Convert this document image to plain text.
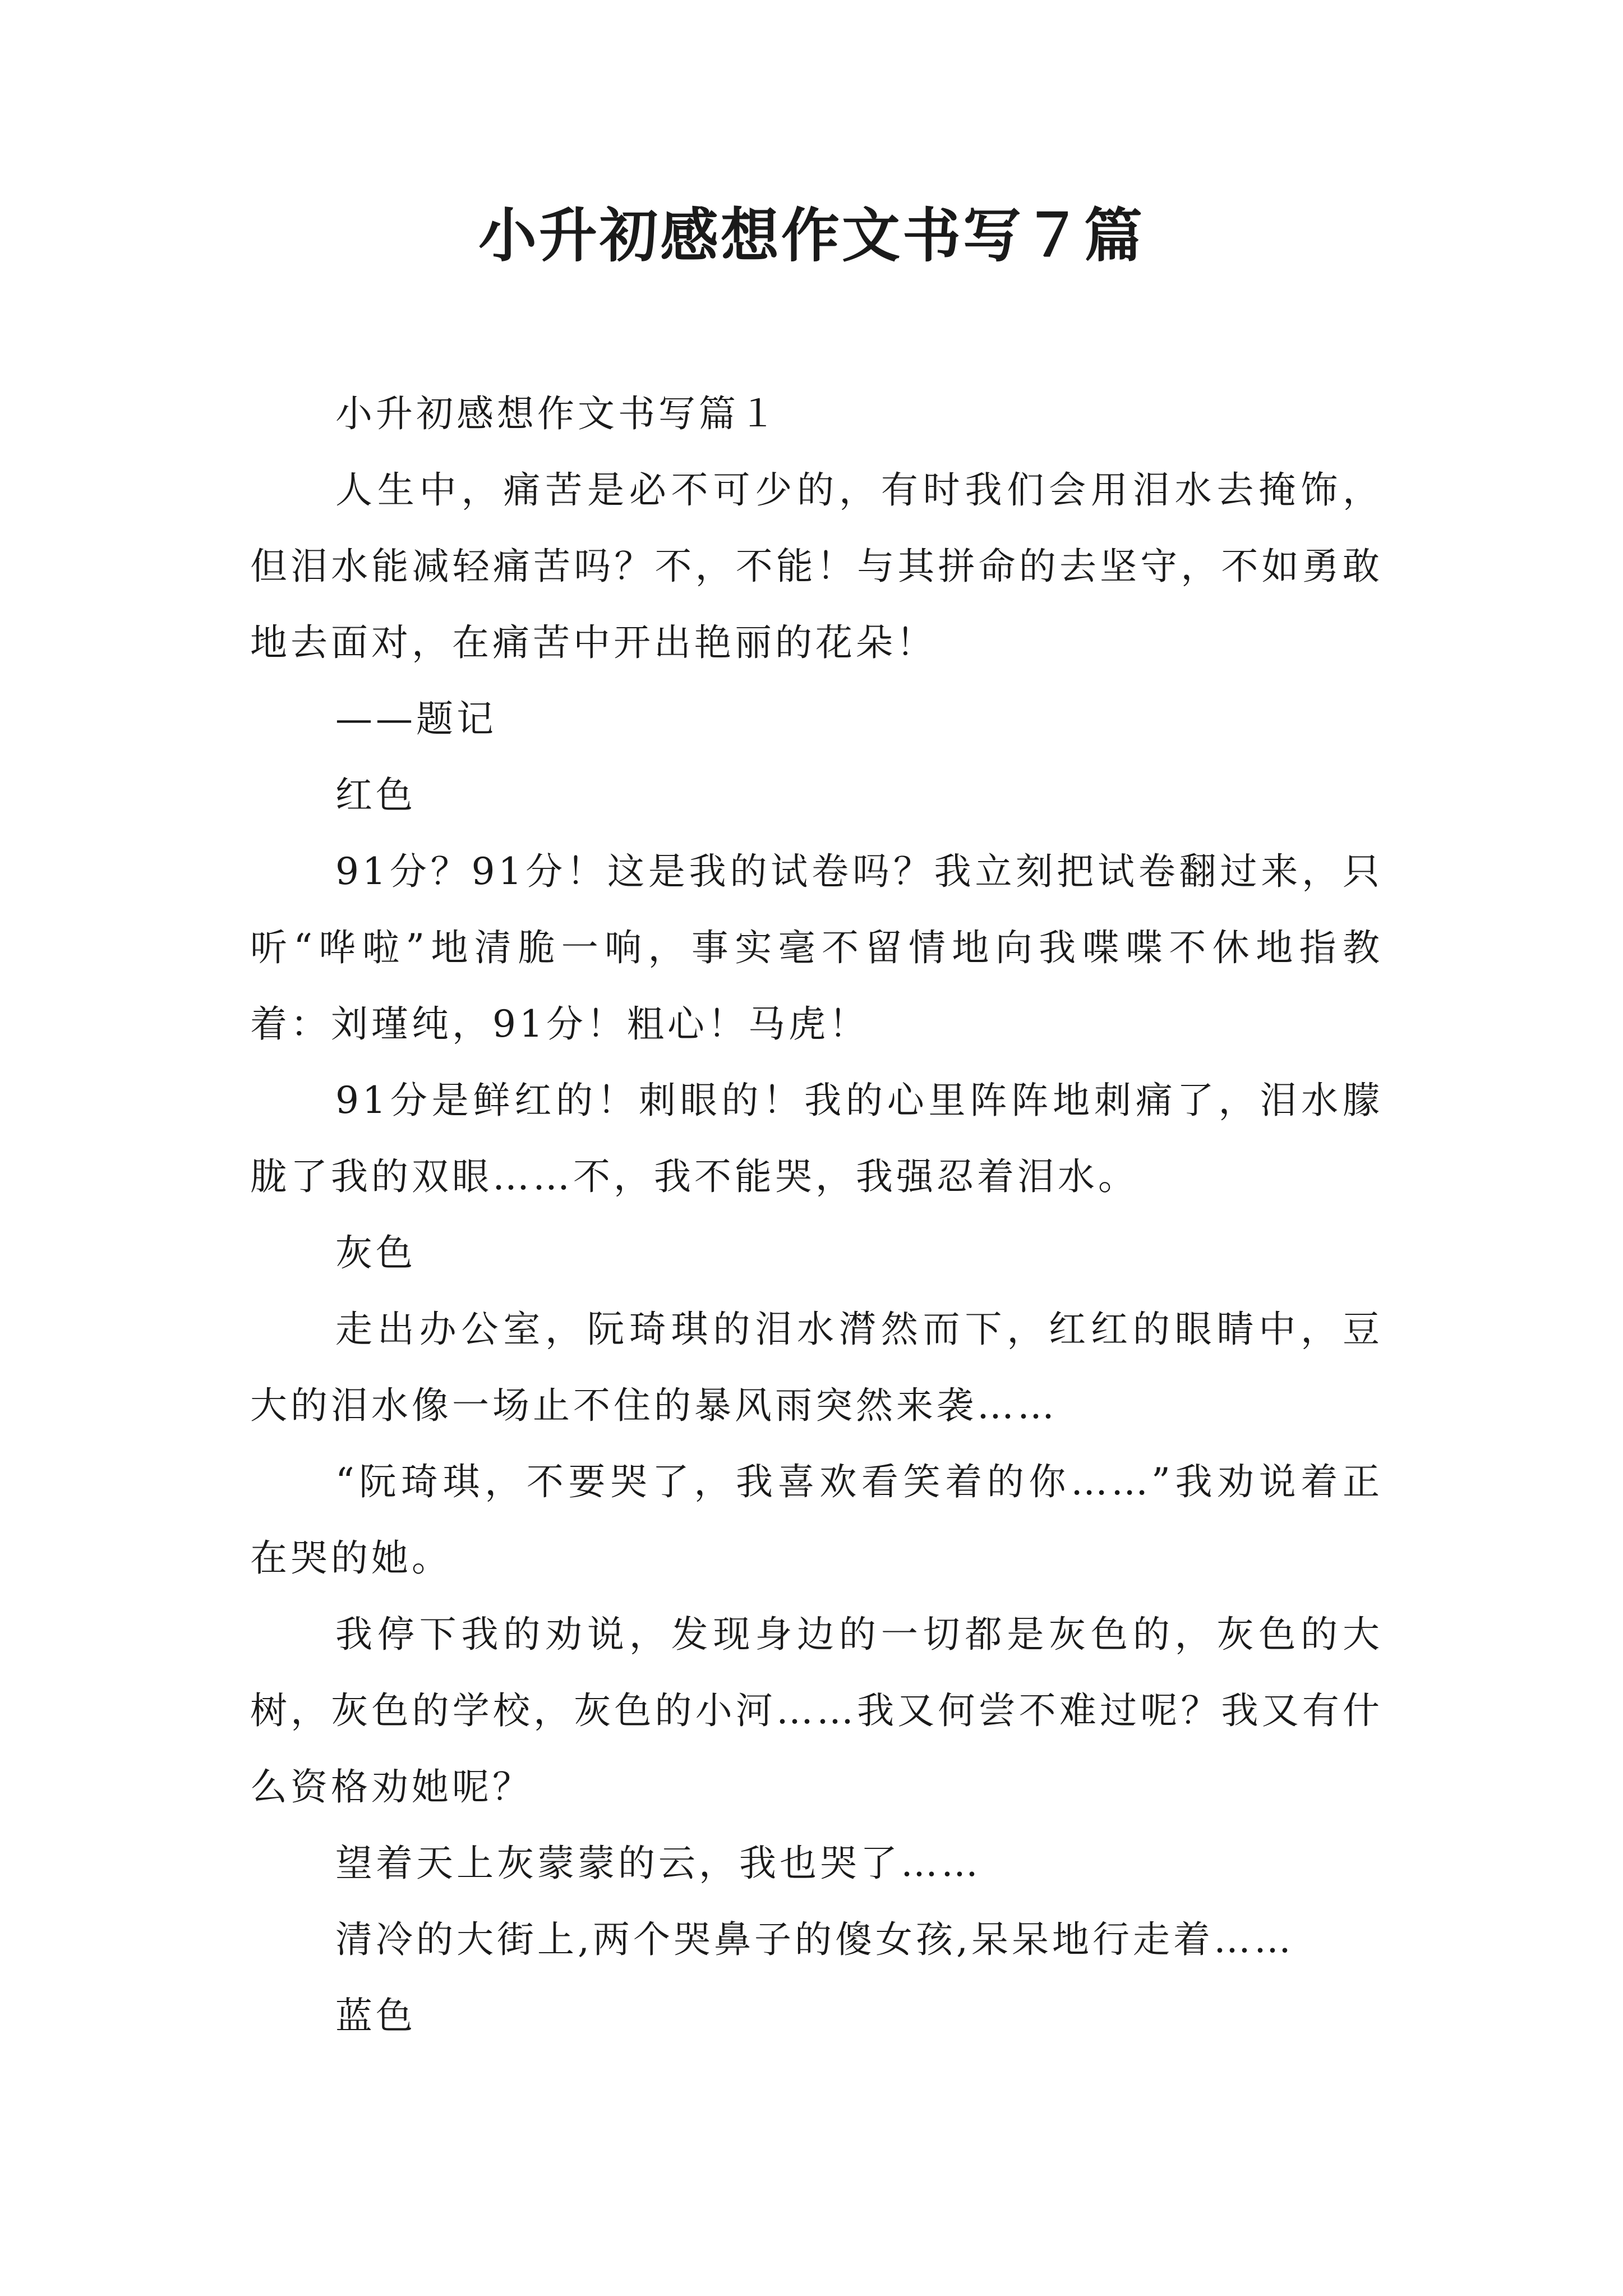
小升初感想作文书写７篇

小升初感想作文书写篇１

人生中，痛苦是必不可少的，有时我们会用泪水去掩饰，但泪水能减轻痛苦吗？不，不能！与其拼命的去坚守，不如勇敢地去面对，在痛苦中开出艳丽的花朵！

——题记

红色

91分？91分！这是我的试卷吗？我立刻把试卷翻过来，只听“哗啦”地清脆一响，事实毫不留情地向我喋喋不休地指教着：刘瑾纯，91分！粗心！马虎！

91分是鲜红的！刺眼的！我的心里阵阵地刺痛了，泪水朦胧了我的双眼……不，我不能哭，我强忍着泪水。

灰色

走出办公室，阮琦琪的泪水潸然而下，红红的眼睛中，豆大的泪水像一场止不住的暴风雨突然来袭……

“阮琦琪，不要哭了，我喜欢看笑着的你……”我劝说着正在哭的她。

我停下我的劝说，发现身边的一切都是灰色的，灰色的大树，灰色的学校，灰色的小河……我又何尝不难过呢？我又有什么资格劝她呢？

望着天上灰蒙蒙的云，我也哭了……

清冷的大街上,两个哭鼻子的傻女孩,呆呆地行走着……

蓝色
